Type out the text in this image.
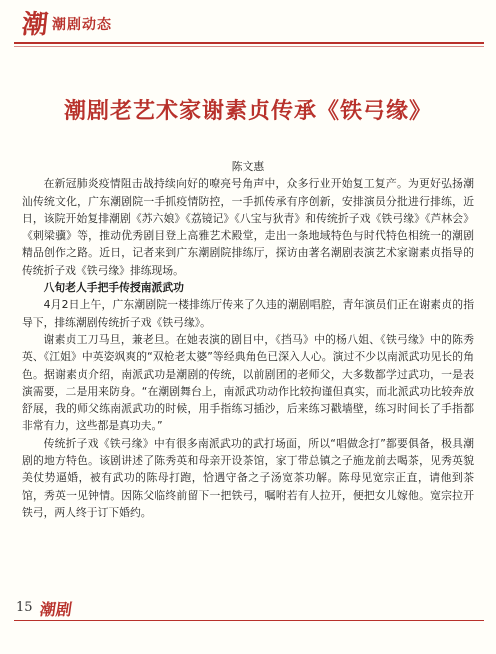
潮 潮剧动态
潮剧老艺术家谢素贞传承《铁弓缘》

陈文惠

在新冠肺炎疫情阻击战持续向好的嘹亮号角声中，众多行业开始复工复产。为更好弘扬潮汕传统文化，广东潮剧院一手抓疫情防控，一手抓传承有序创新，安排演员分批进行排练，近日，该院开始复排潮剧《苏六娘》《荔镜记》《八宝与狄青》和传统折子戏《铁弓缘》《芦林会》《刺梁骥》等，推动优秀剧目登上高雅艺术殿堂，走出一条地域特色与时代特色相统一的潮剧精品创作之路。近日，记者来到广东潮剧院排练厅，探访由著名潮剧表演艺术家谢素贞指导的传统折子戏《铁弓缘》排练现场。

八旬老人手把手传授南派武功

4月2日上午，广东潮剧院一楼排练厅传来了久违的潮剧唱腔，青年演员们正在谢素贞的指导下，排练潮剧传统折子戏《铁弓缘》。

谢素贞工刀马旦，兼老旦。在她表演的剧目中，《挡马》中的杨八姐、《铁弓缘》中的陈秀英、《江姐》中英姿飒爽的“双枪老太婆”等经典角色已深入人心。演过不少以南派武功见长的角色。据谢素贞介绍，南派武功是潮剧的传统，以前剧团的老师父，大多数都学过武功，一是表演需要，二是用来防身。“在潮剧舞台上，南派武功动作比较拘谨但真实，而北派武功比较奔放舒展，我的师父练南派武功的时候，用手指练习插沙，后来练习戳墙壁，练习时间长了手指都非常有力，这些都是真功夫。”

传统折子戏《铁弓缘》中有很多南派武功的武打场面，所以“唱做念打”都要俱备，极具潮剧的地方特色。该剧讲述了陈秀英和母亲开设茶馆，家丁带总镇之子施龙前去喝茶，见秀英貌美仗势逼婚，被有武功的陈母打跑，恰遇守备之子汤宽茶功解。陈母见宽宗正直，请他到茶馆，秀英一见钟情。因陈父临终前留下一把铁弓，嘱咐若有人拉开，便把女儿嫁他。宽宗拉开铁弓，两人终于订下婚约。

15 潮剧
